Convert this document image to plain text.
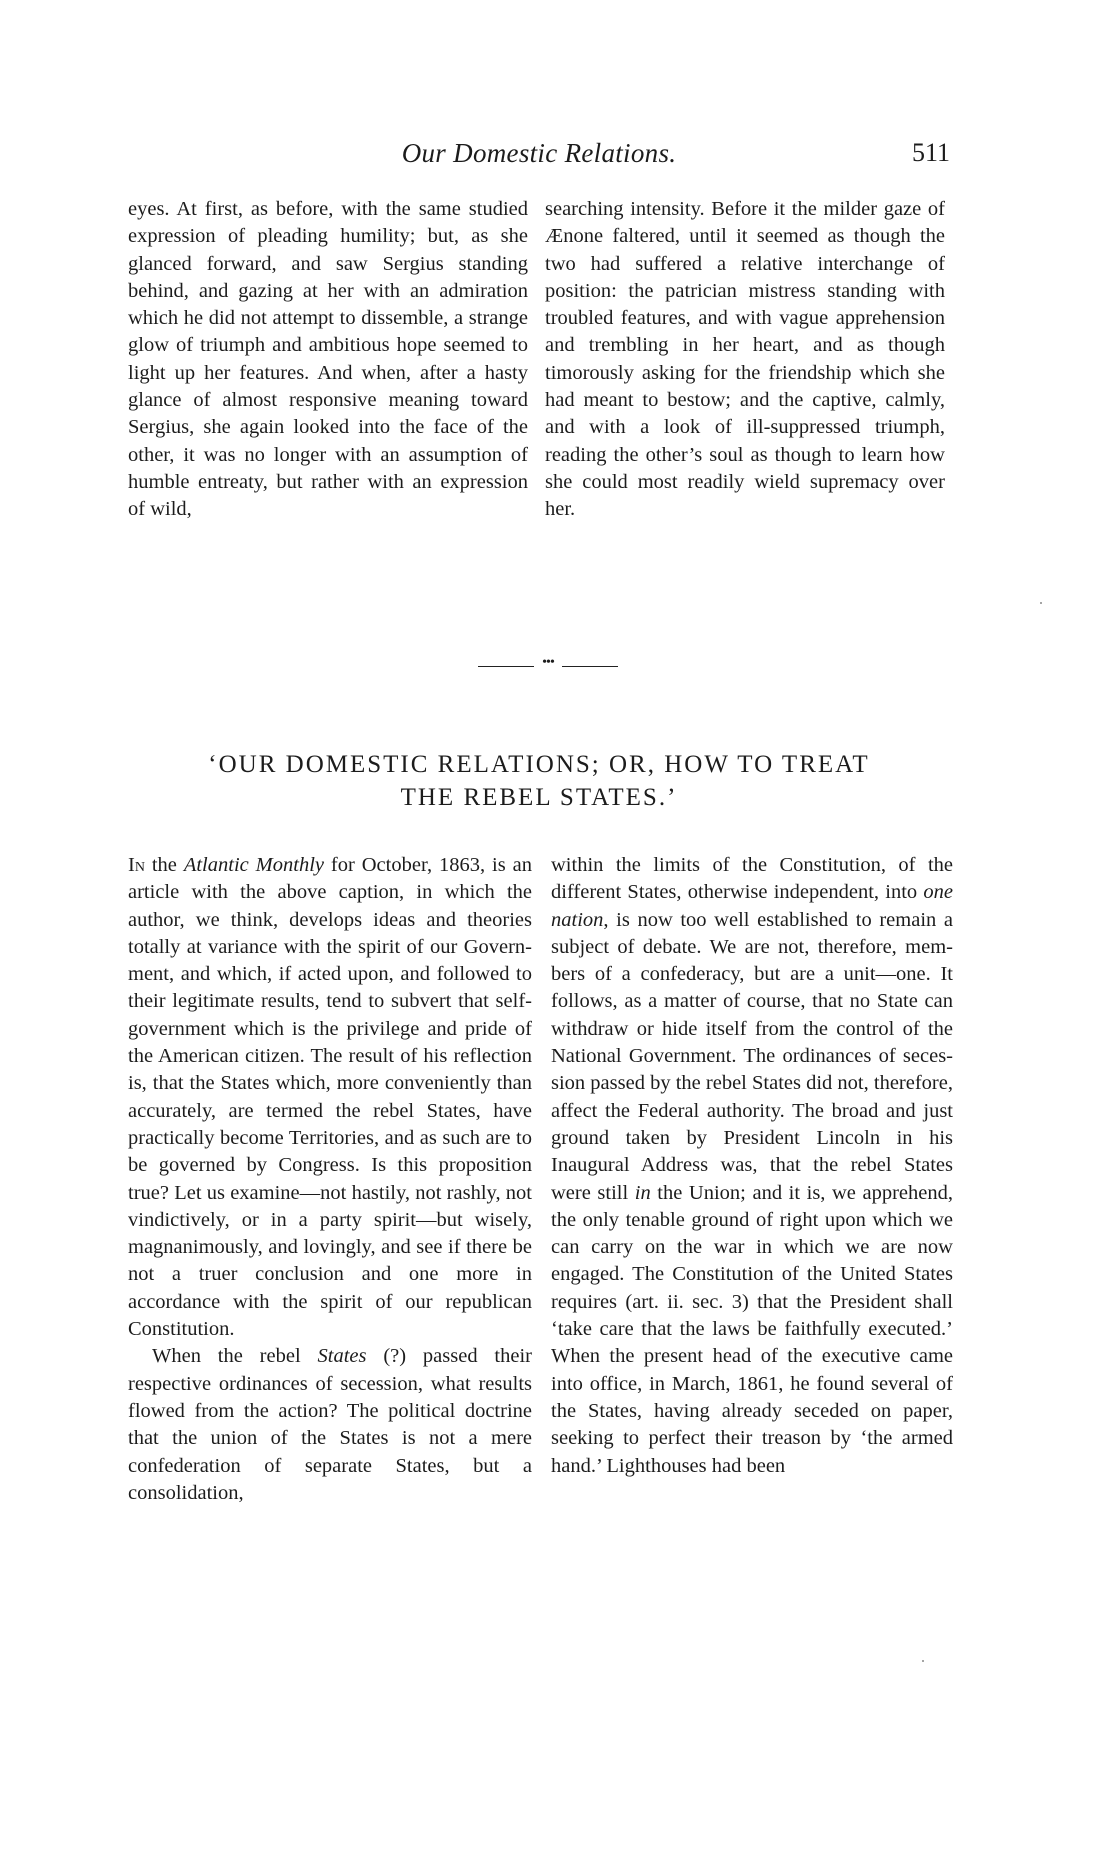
Our Domestic Relations.	511

eyes. At first, as before, with the same studied expression of pleading humility; but, as she glanced forward, and saw Sergius standing behind, and gazing at her with an admiration which he did not attempt to dissemble, a strange glow of triumph and ambitious hope seemed to light up her features. And when, after a hasty glance of almost responsive meaning toward Sergius, she again looked into the face of the other, it was no longer with an assumption of humble entreaty, but rather with an expression of wild,

searching intensity. Before it the milder gaze of Ænone faltered, until it seemed as though the two had suffered a relative interchange of position: the patrician mistress standing with troubled features, and with vague apprehension and trembling in her heart, and as though timorously asking for the friendship which she had meant to bestow; and the captive, calmly, and with a look of ill-suppressed triumph, reading the other’s soul as though to learn how she could most readily wield supremacy over her.

•••
‘OUR DOMESTIC RELATIONS; OR, HOW TO TREAT
THE REBEL STATES.’

In the Atlantic Monthly for October, 1863, is an article with the above caption, in which the author, we think, develops ideas and theories totally at variance with the spirit of our Government, and which, if acted upon, and followed to their legitimate results, tend to subvert that self-government which is the privilege and pride of the American citizen. The result of his reflection is, that the States which, more conveniently than accurately, are termed the rebel States, have practically become Territories, and as such are to be governed by Congress. Is this proposition true? Let us examine—not hastily, not rashly, not vindictively, or in a party spirit—but wisely, magnanimously, and lovingly, and see if there be not a truer conclusion and one more in accordance with the spirit of our republican Constitution.

When the rebel States (?) passed their respective ordinances of secession, what results flowed from the action? The political doctrine that the union of the States is not a mere confederation of separate States, but a consolidation,

within the limits of the Constitution, of the different States, otherwise independent, into one nation, is now too well established to remain a subject of debate. We are not, therefore, members of a confederacy, but are a unit—one. It follows, as a matter of course, that no State can withdraw or hide itself from the control of the National Government. The ordinances of secession passed by the rebel States did not, therefore, affect the Federal authority. The broad and just ground taken by President Lincoln in his Inaugural Address was, that the rebel States were still in the Union; and it is, we apprehend, the only tenable ground of right upon which we can carry on the war in which we are now engaged. The Constitution of the United States requires (art. ii. sec. 3) that the President shall ‘take care that the laws be faithfully executed.’ When the present head of the executive came into office, in March, 1861, he found several of the States, having already seceded on paper, seeking to perfect their treason by ‘the armed hand.’ Lighthouses had been
